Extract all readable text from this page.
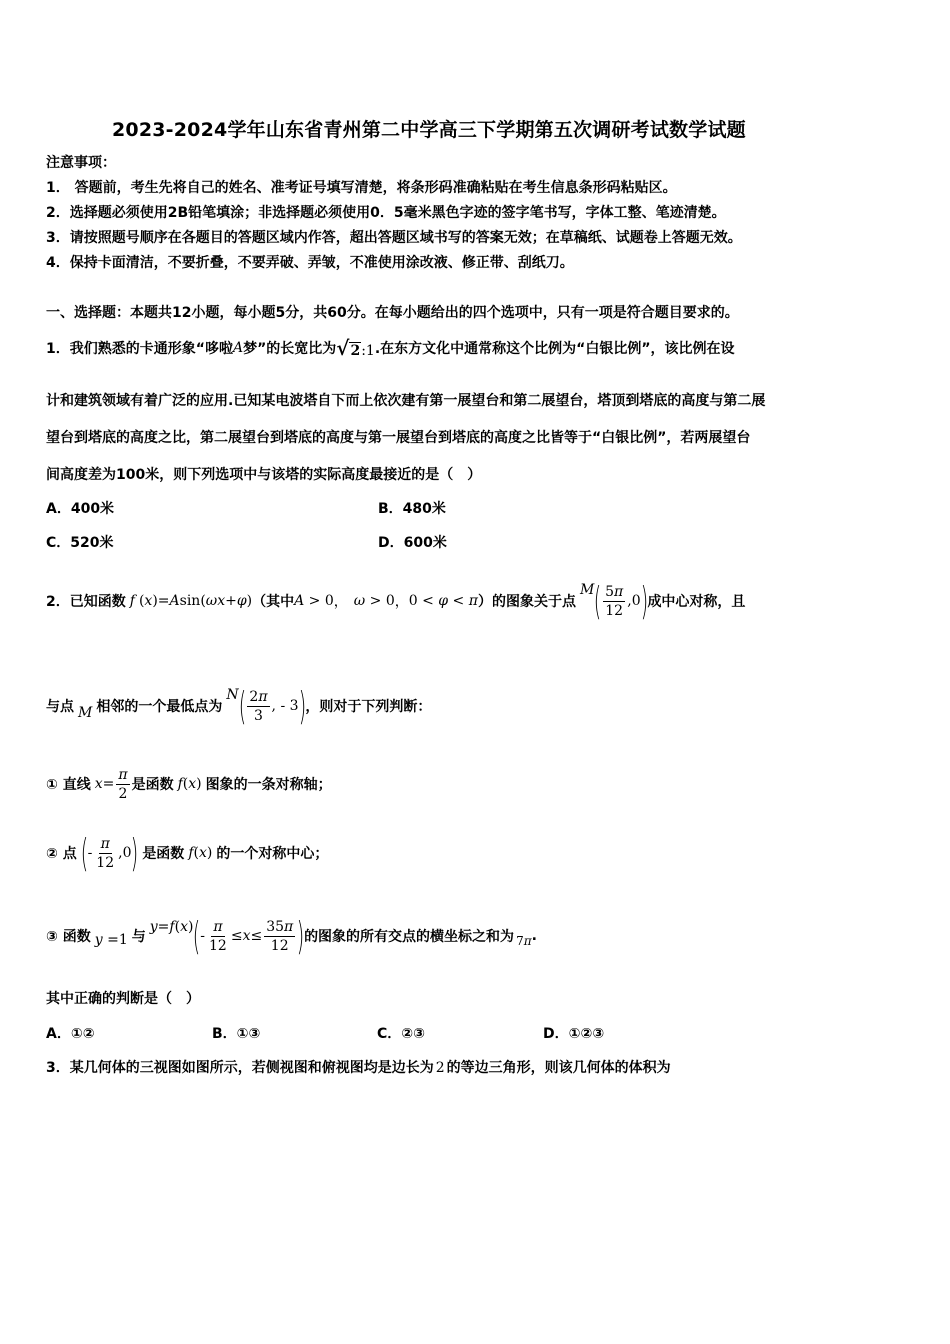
2023-2024学年山东省青州第二中学高三下学期第五次调研考试数学试题
注意事项：
1． 答题前，考生先将自己的姓名、准考证号填写清楚，将条形码准确粘贴在考生信息条形码粘贴区。
2．选择题必须使用2B铅笔填涂；非选择题必须使用0．5毫米黑色字迹的签字笔书写，字体工整、笔迹清楚。
3．请按照题号顺序在各题目的答题区域内作答，超出答题区域书写的答案无效；在草稿纸、试题卷上答题无效。
4．保持卡面清洁，不要折叠，不要弄破、弄皱，不准使用涂改液、修正带、刮纸刀。
一、选择题：本题共12小题，每小题5分，共60分。在每小题给出的四个选项中，只有一项是符合题目要求的。
1．我们熟悉的卡通形象“哆啦 A 梦”的长宽比为 √2:1 .在东方文化中通常称这个比例为“白银比例”，该比例在设
计和建筑领域有着广泛的应用.已知某电波塔自下而上依次建有第一展望台和第二展望台，塔顶到塔底的高度与第二展
望台到塔底的高度之比，第二展望台到塔底的高度与第一展望台到塔底的高度之比皆等于“白银比例”，若两展望台
间高度差为100米，则下列选项中与该塔的实际高度最接近的是（　）
A．400米	B．480米
C．520米	D．600米
2．已知函数 f ( x )= A sin( ωx + φ ) （其中 A > 0 ， ω > 0 ， 0 < φ < π ）的图象关于点
M ( $\frac{5\pi}{12} ,0$ ) 成中心对称，且
与点 M 相邻的一个最低点为
N ( $\frac{2\pi}{3}$ , - 3 ) ，则对于下列判断：
① 直线 $x = \frac{\pi}{2}$ 是函数 f(x) 图象的一条对称轴；
② 点 ( - $\frac{\pi}{12} ,0$ ) 是函数 f(x) 的一个对称中心；
③ 函数 y =1 与
y = f ( x ) ( - $\frac{\pi}{12} \le x \le \frac{35\pi}{12}$ ) 的图象的所有交点的横坐标之和为 7π .
其中正确的判断是（　）
A．①②	B．①③	C．②③	D．①②③
3．某几何体的三视图如图所示，若侧视图和俯视图均是边长为 2 的等边三角形，则该几何体的体积为
